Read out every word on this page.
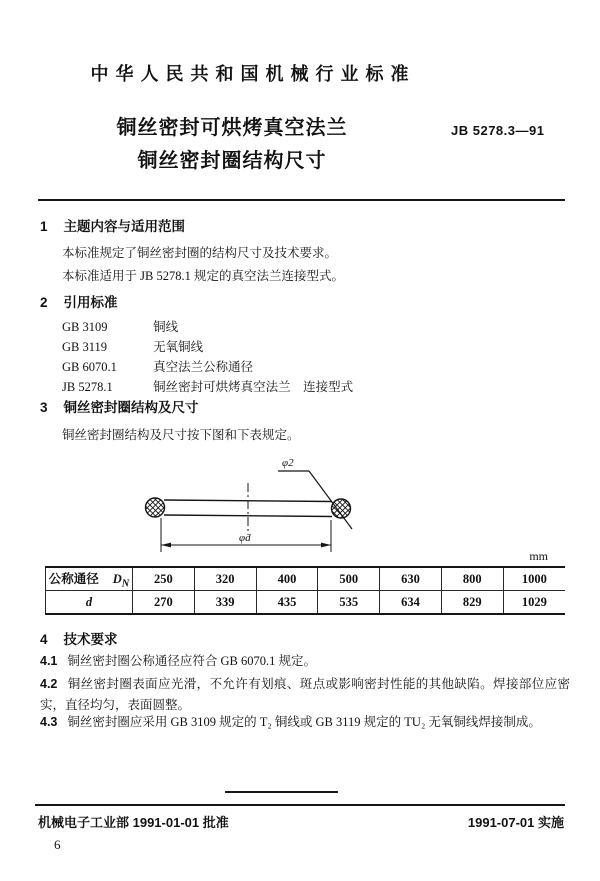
中华人民共和国机械行业标准
铜丝密封可烘烤真空法兰
铜丝密封圈结构尺寸
JB 5278.3—91
1 主题内容与适用范围
本标准规定了铜丝密封圈的结构尺寸及技术要求。
本标准适用于 JB 5278.1 规定的真空法兰连接型式。
2 引用标准
GB 3109	铜线
GB 3119	无氧铜线
GB 6070.1	真空法兰公称通径
JB 5278.1	铜丝密封可烘烤真空法兰　连接型式
3 铜丝密封圈结构及尺寸
铜丝密封圈结构及尺寸按下图和下表规定。
φ2
φd
mm
公称通径 $D_N$	250	320	400	500	630	800	1000
d	270	339	435	535	634	829	1029
4 技术要求
4.1 铜丝密封圈公称通径应符合 GB 6070.1 规定。
4.2 铜丝密封圈表面应光滑，不允许有划痕、斑点或影响密封性能的其他缺陷。焊接部位应密实，直径均匀，表面圆整。
4.3 铜丝密封圈应采用 GB 3109 规定的 T₂ 铜线或 GB 3119 规定的 TU₂ 无氧铜线焊接制成。
机械电子工业部 1991-01-01 批准	1991-07-01 实施
6
